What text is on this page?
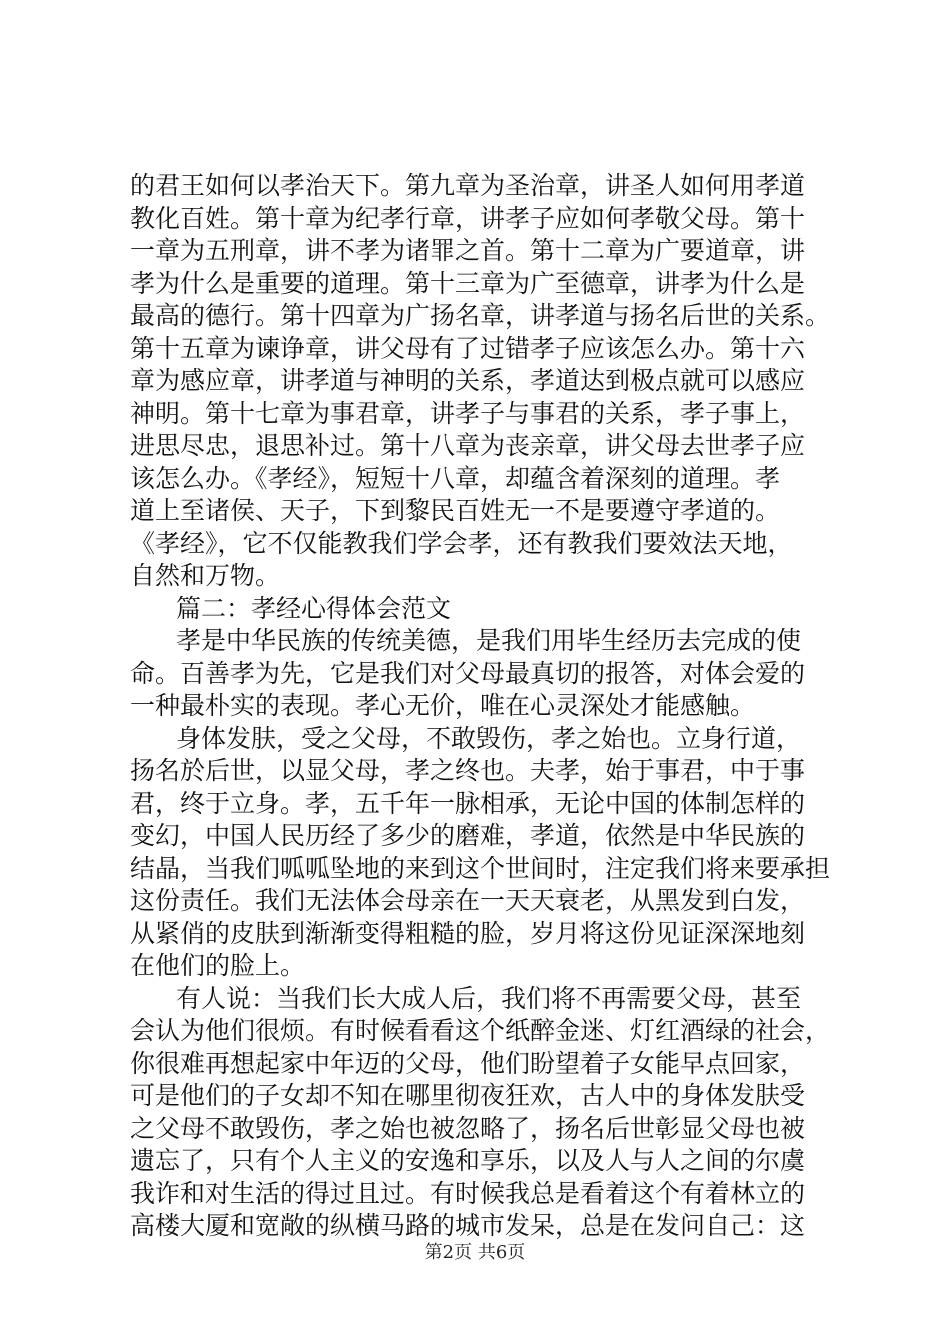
的君王如何以孝治天下。第九章为圣治章，讲圣人如何用孝道
教化百姓。第十章为纪孝行章，讲孝子应如何孝敬父母。第十
一章为五刑章，讲不孝为诸罪之首。第十二章为广要道章，讲
孝为什么是重要的道理。第十三章为广至德章，讲孝为什么是
最高的德行。第十四章为广扬名章，讲孝道与扬名后世的关系。
第十五章为谏诤章，讲父母有了过错孝子应该怎么办。第十六
章为感应章，讲孝道与神明的关系，孝道达到极点就可以感应
神明。第十七章为事君章，讲孝子与事君的关系，孝子事上，
进思尽忠，退思补过。第十八章为丧亲章，讲父母去世孝子应
该怎么办。《孝经》，短短十八章，却蕴含着深刻的道理。孝
道上至诸侯、天子，下到黎民百姓无一不是要遵守孝道的。
《孝经》，它不仅能教我们学会孝，还有教我们要效法天地，
自然和万物。
篇二：孝经心得体会范文
孝是中华民族的传统美德，是我们用毕生经历去完成的使
命。百善孝为先，它是我们对父母最真切的报答，对体会爱的
一种最朴实的表现。孝心无价，唯在心灵深处才能感触。
身体发肤，受之父母，不敢毁伤，孝之始也。立身行道，
扬名於后世，以显父母，孝之终也。夫孝，始于事君，中于事
君，终于立身。孝，五千年一脉相承，无论中国的体制怎样的
变幻，中国人民历经了多少的磨难，孝道，依然是中华民族的
结晶，当我们呱呱坠地的来到这个世间时，注定我们将来要承担
这份责任。我们无法体会母亲在一天天衰老，从黑发到白发，
从紧俏的皮肤到渐渐变得粗糙的脸，岁月将这份见证深深地刻
在他们的脸上。
有人说：当我们长大成人后，我们将不再需要父母，甚至
会认为他们很烦。有时候看看这个纸醉金迷、灯红酒绿的社会，
你很难再想起家中年迈的父母，他们盼望着子女能早点回家，
可是他们的子女却不知在哪里彻夜狂欢，古人中的身体发肤受
之父母不敢毁伤，孝之始也被忽略了，扬名后世彰显父母也被
遗忘了，只有个人主义的安逸和享乐，以及人与人之间的尔虞
我诈和对生活的得过且过。有时候我总是看着这个有着林立的
高楼大厦和宽敞的纵横马路的城市发呆，总是在发问自己：这
第2页 共6页
